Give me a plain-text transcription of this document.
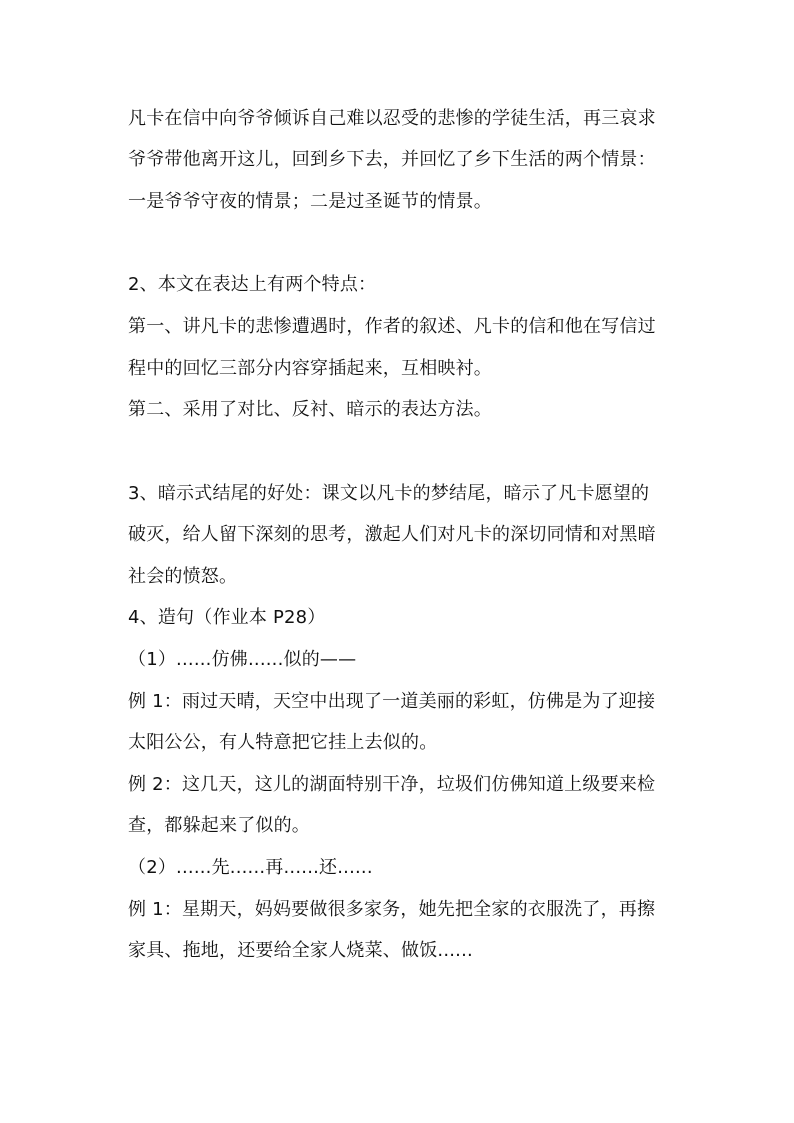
凡卡在信中向爷爷倾诉自己难以忍受的悲惨的学徒生活，再三哀求
爷爷带他离开这儿，回到乡下去，并回忆了乡下生活的两个情景：
一是爷爷守夜的情景；二是过圣诞节的情景。
2、本文在表达上有两个特点：
第一、讲凡卡的悲惨遭遇时，作者的叙述、凡卡的信和他在写信过
程中的回忆三部分内容穿插起来，互相映衬。
第二、采用了对比、反衬、暗示的表达方法。
3、暗示式结尾的好处：课文以凡卡的梦结尾，暗示了凡卡愿望的
破灭，给人留下深刻的思考，激起人们对凡卡的深切同情和对黑暗
社会的愤怒。
4、造句（作业本 P28）
（1）......仿佛......似的——
例 1：雨过天晴，天空中出现了一道美丽的彩虹，仿佛是为了迎接
太阳公公，有人特意把它挂上去似的。
例 2：这几天，这儿的湖面特别干净，垃圾们仿佛知道上级要来检
查，都躲起来了似的。
（2）......先......再......还......
例 1：星期天，妈妈要做很多家务，她先把全家的衣服洗了，再擦
家具、拖地，还要给全家人烧菜、做饭......
